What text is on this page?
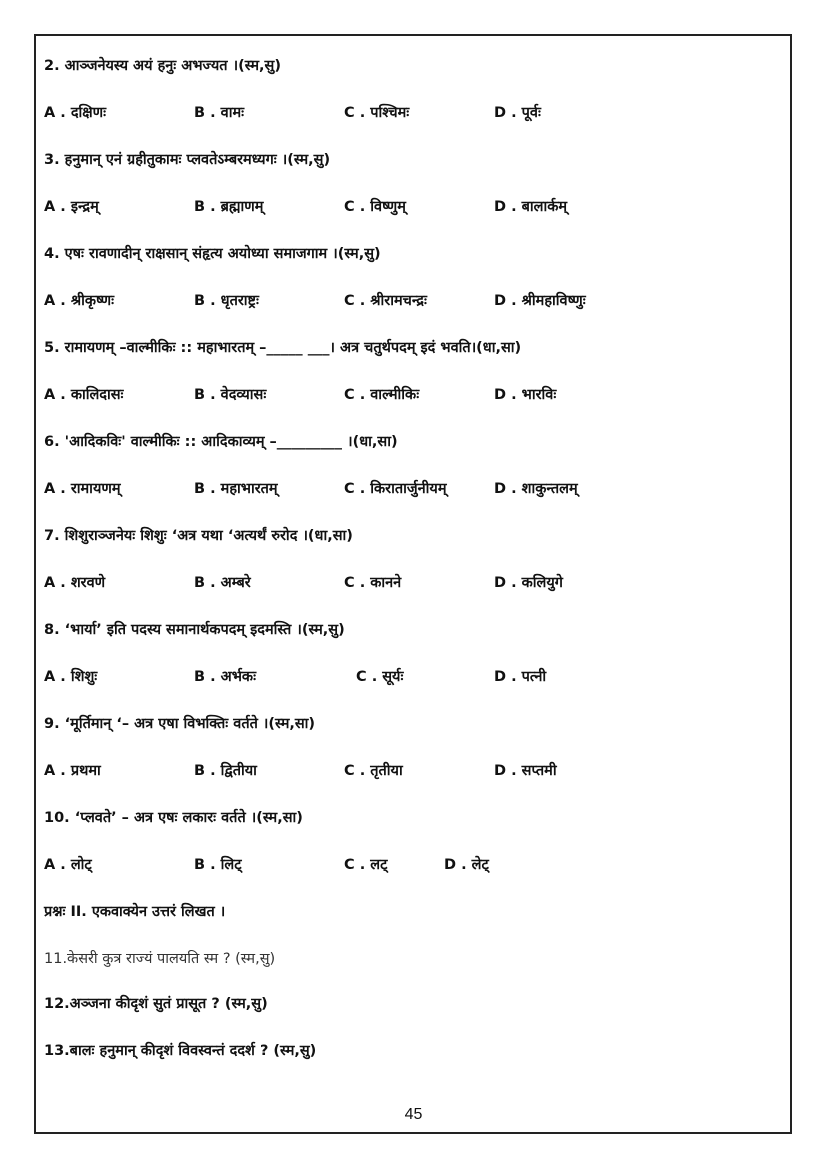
2. आञ्जनेयस्य अयं हनुः अभज्यत ।(स्म,सु)
A . दक्षिणः	B . वामः	C . पश्चिमः	D . पूर्वः
3. हनुमान् एनं ग्रहीतुकामः प्लवतेऽम्बरमध्यगः ।(स्म,सु)
A . इन्द्रम्	B . ब्रह्माणम्	C . विष्णुम्	D . बालार्कम्
4. एषः रावणादीन् राक्षसान् संहृत्य अयोध्या समाजगाम ।(स्म,सु)
A . श्रीकृष्णः	B . धृतराष्ट्रः	C . श्रीरामचन्द्रः	D . श्रीमहाविष्णुः
5. रामायणम् –वाल्मीकिः :: महाभारतम् –_____ ___। अत्र चतुर्थपदम् इदं भवति।(धा,सा)
A . कालिदासः	B . वेदव्यासः	C . वाल्मीकिः	D . भारविः
6. 'आदिकविः' वाल्मीकिः :: आदिकाव्यम् –_________ ।(धा,सा)
A . रामायणम्	B . महाभारतम्	C . किरातार्जुनीयम्	D . शाकुन्तलम्
7. शिशुराञ्जनेयः शिशुः ‘अत्र यथा ‘अत्यर्थं रुरोद ।(धा,सा)
A . शरवणे	B . अम्बरे	C . कानने	D . कलियुगे
8. ‘भार्या’ इति पदस्य समानार्थकपदम् इदमस्ति ।(स्म,सु)
A . शिशुः	B . अर्भकः	C . सूर्यः	D . पत्नी
9. ‘मूर्तिमान् ‘– अत्र एषा विभक्तिः वर्तते ।(स्म,सा)
A . प्रथमा	B . द्वितीया	C . तृतीया	D . सप्तमी
10. ‘प्लवते’ – अत्र एषः लकारः वर्तते ।(स्म,सा)
A . लोट्	B . लिट्	C . लट्	D . लेट्
प्रश्नः II. एकवाक्येन उत्तरं लिखत ।
11.केसरी कुत्र राज्यं पालयति स्म ? (स्म,सु)
12.अञ्जना कीदृशं सुतं प्रासूत ? (स्म,सु)
13.बालः हनुमान् कीदृशं विवस्वन्तं ददर्श ? (स्म,सु)
45
